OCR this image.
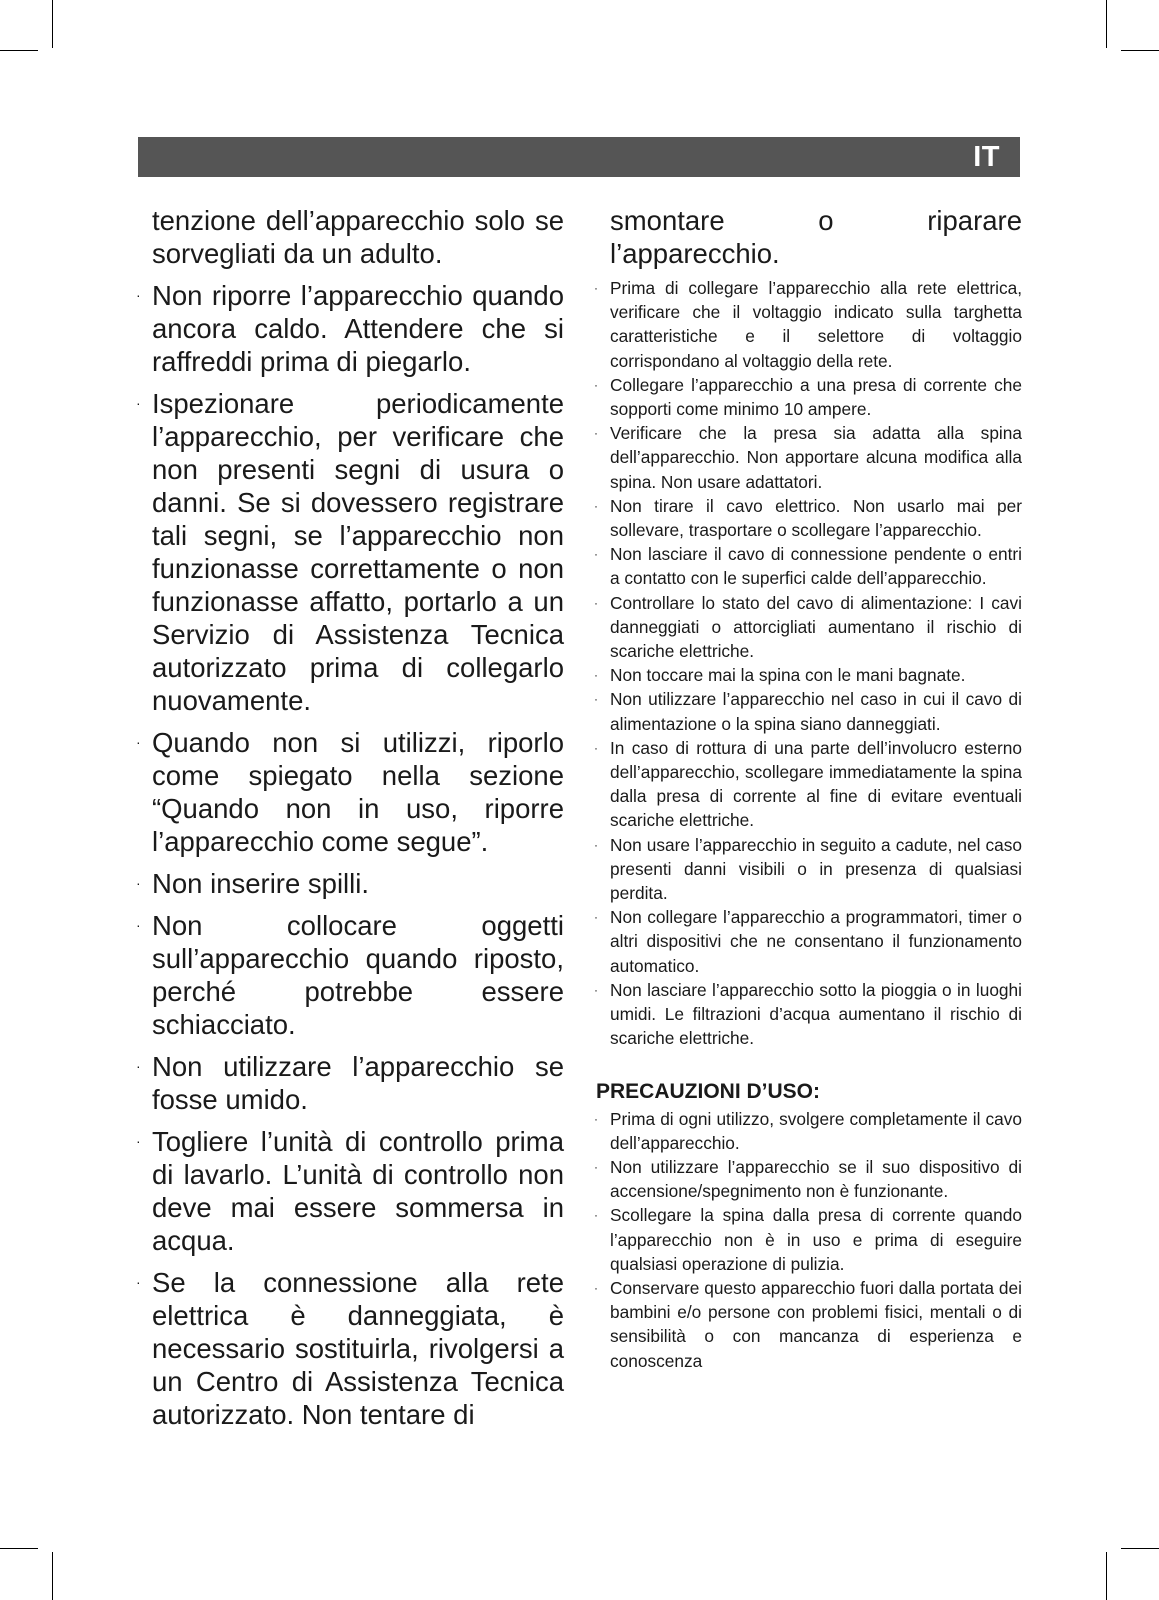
IT

tenzione dell’apparecchio solo se sorvegliati da un adulto.

· Non riporre l’apparecchio quando ancora caldo. Attendere che si raffreddi prima di piegarlo.
· Ispezionare periodicamente l’apparecchio, per verificare che non presenti segni di usura o danni. Se si dovessero registrare tali segni, se l’apparecchio non funzionasse correttamente o non funzionasse affatto, portarlo a un Servizio di Assistenza Tecnica autorizzato prima di collegarlo nuovamente.
· Quando non si utilizzi, riporlo come spiegato nella sezione “Quando non in uso, riporre l’apparecchio come segue”.
· Non inserire spilli.
· Non collocare oggetti sull’apparecchio quando riposto, perché potrebbe essere schiacciato.
· Non utilizzare l’apparecchio se fosse umido.
· Togliere l’unità di controllo prima di lavarlo. L’unità di controllo non deve mai essere sommersa in acqua.
· Se la connessione alla rete elettrica è danneggiata, è necessario sostituirla, rivolgersi a un Centro di Assistenza Tecnica autorizzato. Non tentare di

smontare o riparare l’apparecchio.

· Prima di collegare l’apparecchio alla rete elettrica, verificare che il voltaggio indicato sulla targhetta caratteristiche e il selettore di voltaggio corrispondano al voltaggio della rete.
· Collegare l’apparecchio a una presa di corrente che sopporti come minimo 10 ampere.
· Verificare che la presa sia adatta alla spina dell’apparecchio. Non apportare alcuna modifica alla spina. Non usare adattatori.
· Non tirare il cavo elettrico. Non usarlo mai per sollevare, trasportare o scollegare l’apparecchio.
· Non lasciare il cavo di connessione pendente o entri a contatto con le superfici calde dell’apparecchio.
· Controllare lo stato del cavo di alimentazione: I cavi danneggiati o attorcigliati aumentano il rischio di scariche elettriche.
· Non toccare mai la spina con le mani bagnate.
· Non utilizzare l’apparecchio nel caso in cui il cavo di alimentazione o la spina siano danneggiati.
· In caso di rottura di una parte dell’involucro esterno dell’apparecchio, scollegare immediatamente la spina dalla presa di corrente al fine di evitare eventuali scariche elettriche.
· Non usare l’apparecchio in seguito a cadute, nel caso presenti danni visibili o in presenza di qualsiasi perdita.
· Non collegare l’apparecchio a programmatori, timer o altri dispositivi che ne consentano il funzionamento automatico.
· Non lasciare l’apparecchio sotto la pioggia o in luoghi umidi. Le filtrazioni d’acqua aumentano il rischio di scariche elettriche.
PRECAUZIONI D’USO:
· Prima di ogni utilizzo, svolgere completamente il cavo dell’apparecchio.
· Non utilizzare l’apparecchio se il suo dispositivo di accensione/spegnimento non è funzionante.
· Scollegare la spina dalla presa di corrente quando l’apparecchio non è in uso e prima di eseguire qualsiasi operazione di pulizia.
· Conservare questo apparecchio fuori dalla portata dei bambini e/o persone con problemi fisici, mentali o di sensibilità o con mancanza di esperienza e conoscenza
